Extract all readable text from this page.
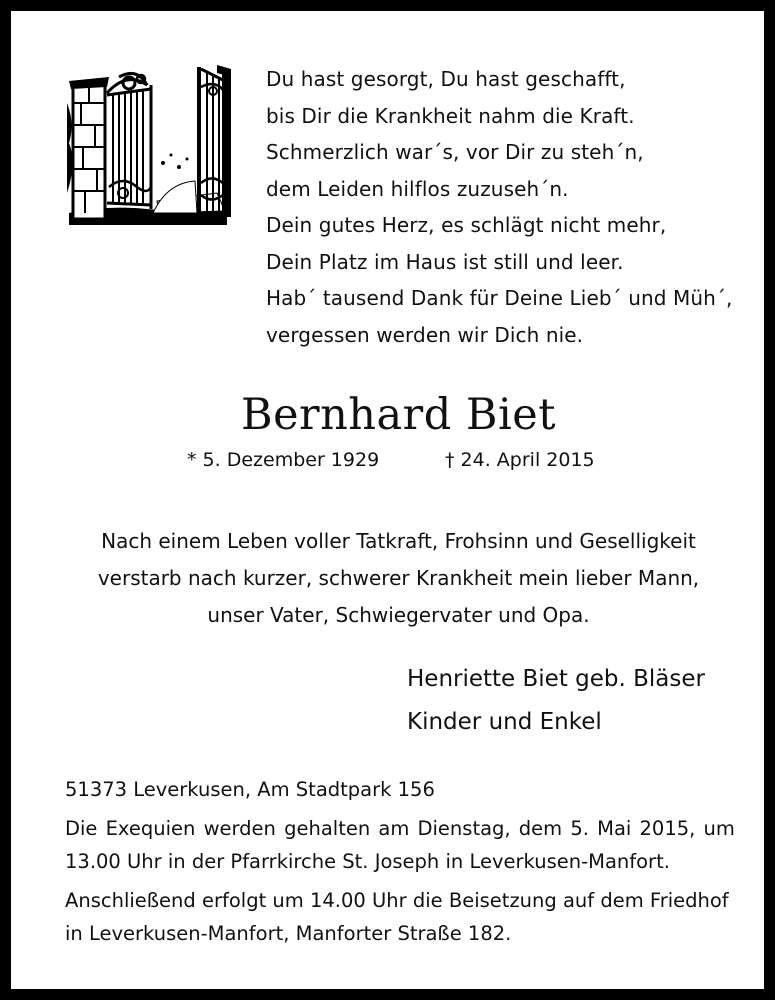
Du hast gesorgt, Du hast geschafft,
bis Dir die Krankheit nahm die Kraft.
Schmerzlich war´s, vor Dir zu steh´n,
dem Leiden hilflos zuzuseh´n.
Dein gutes Herz, es schlägt nicht mehr,
Dein Platz im Haus ist still und leer.
Hab´ tausend Dank für Deine Lieb´ und Müh´,
vergessen werden wir Dich nie.
Bernhard Biet
* 5. Dezember 1929	† 24. April 2015
Nach einem Leben voller Tatkraft, Frohsinn und Geselligkeit
verstarb nach kurzer, schwerer Krankheit mein lieber Mann,
unser Vater, Schwiegervater und Opa.
Henriette Biet geb. Bläser
Kinder und Enkel
51373 Leverkusen, Am Stadtpark 156
Die Exequien werden gehalten am Dienstag, dem 5. Mai 2015, um
13.00 Uhr in der Pfarrkirche St. Joseph in Leverkusen-Manfort.
Anschließend erfolgt um 14.00 Uhr die Beisetzung auf dem Friedhof
in Leverkusen-Manfort, Manforter Straße 182.
